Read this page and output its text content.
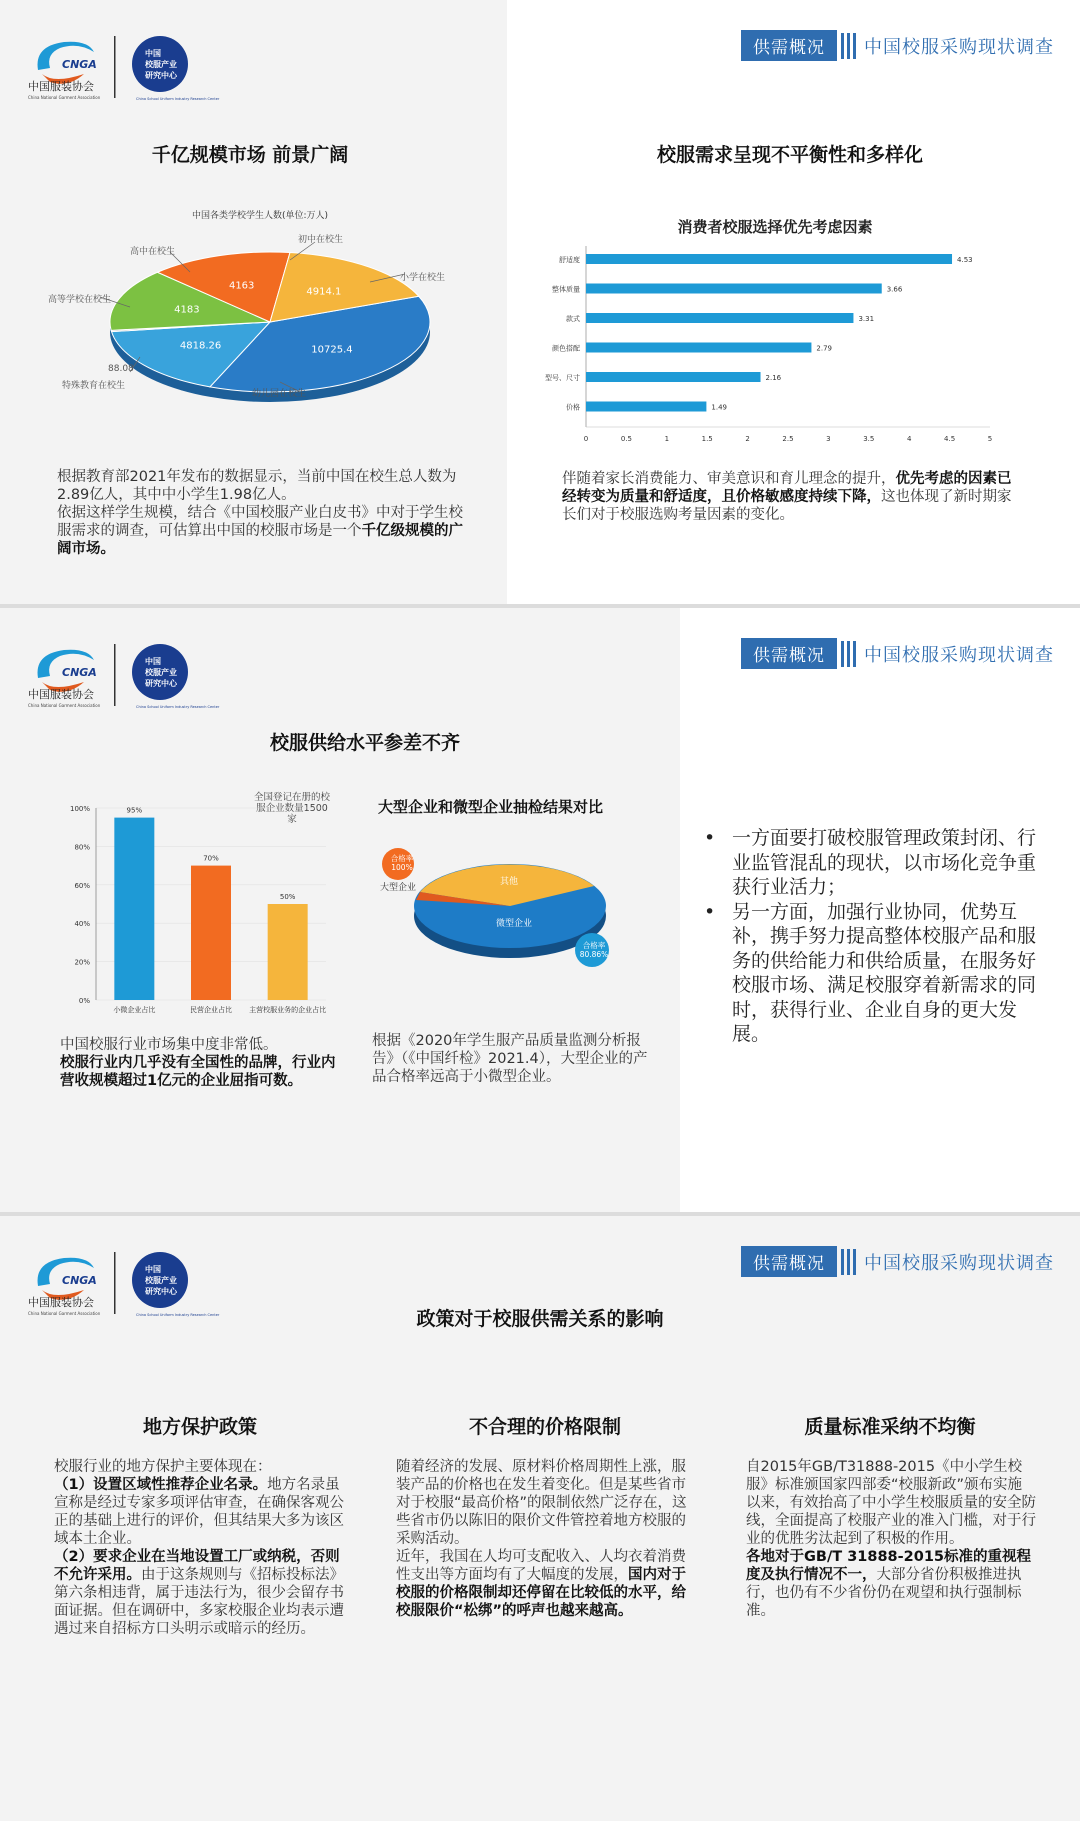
CNGA
中国服装协会
China National Garment Association
中国
校服产业
研究中心
China School Uniform Industry Research Center
供需概况	中国校服采购现状调查
千亿规模市场 前景广阔
中国各类学校学生人数(单位:万人)
10725.4
4818.26
4183
4163
4914.1
小学在校生
幼儿园在校生
特殊教育在校生
88.08
高等学校在校生
高中在校生
初中在校生
根据教育部2021年发布的数据显示，当前中国在校生总人数为2.89亿人，其中中小学生1.98亿人。
依据这样学生规模，结合《中国校服产业白皮书》中对于学生校服需求的调查，可估算出中国的校服市场是一个千亿级规模的广阔市场。
校服需求呈现不平衡性和多样化
消费者校服选择优先考虑因素
舒适度	4.53
整体质量	3.66
款式	3.31
颜色搭配	2.79
型号、尺寸	2.16
价格	1.49
0	0.5	1	1.5	2	2.5	3	3.5	4	4.5	5
伴随着家长消费能力、审美意识和育儿理念的提升，优先考虑的因素已经转变为质量和舒适度，且价格敏感度持续下降，这也体现了新时期家长们对于校服选购考量因素的变化。
CNGA
中国服装协会
China National Garment Association
中国
校服产业
研究中心
China School Uniform Industry Research Center
供需概况	中国校服采购现状调查
校服供给水平参差不齐
全国登记在册的校服企业数量1500家
0%
20%
40%
60%
80%
100%	95%
小微企业占比
70%
民营企业占比
50%
主营校服业务的企业占比
中国校服行业市场集中度非常低。
校服行业内几乎没有全国性的品牌，行业内营收规模超过1亿元的企业屈指可数。
大型企业和微型企业抽检结果对比
合格率
100%
合格率
80.86%
大型企业
其他
微型企业
根据《2020年学生服产品质量监测分析报告》（《中国纤检》2021.4），大型企业的产品合格率远高于小微型企业。
• 一方面要打破校服管理政策封闭、行业监管混乱的现状，以市场化竞争重获行业活力；
• 另一方面，加强行业协同，优势互补，携手努力提高整体校服产品和服务的供给能力和供给质量，在服务好校服市场、满足校服穿着新需求的同时，获得行业、企业自身的更大发展。
CNGA
中国服装协会
China National Garment Association
中国
校服产业
研究中心
China School Uniform Industry Research Center
供需概况	中国校服采购现状调查
政策对于校服供需关系的影响
地方保护政策
校服行业的地方保护主要体现在：
（1）设置区域性推荐企业名录。地方名录虽宣称是经过专家多项评估审查，在确保客观公正的基础上进行的评价，但其结果大多为该区域本土企业。
（2）要求企业在当地设置工厂或纳税，否则不允许采用。由于这条规则与《招标投标法》第六条相违背，属于违法行为，很少会留存书面证据。但在调研中，多家校服企业均表示遭遇过来自招标方口头明示或暗示的经历。
不合理的价格限制
随着经济的发展、原材料价格周期性上涨，服装产品的价格也在发生着变化。但是某些省市对于校服“最高价格”的限制依然广泛存在，这些省市仍以陈旧的限价文件管控着地方校服的采购活动。
近年，我国在人均可支配收入、人均衣着消费性支出等方面均有了大幅度的发展，国内对于校服的价格限制却还停留在比较低的水平，给校服限价“松绑”的呼声也越来越高。
质量标准采纳不均衡
自2015年GB/T31888-2015《中小学生校服》标准颁国家四部委“校服新政”颁布实施以来，有效抬高了中小学生校服质量的安全防线，全面提高了校服产业的准入门槛，对于行业的优胜劣汰起到了积极的作用。
各地对于GB/T 31888-2015标准的重视程度及执行情况不一，大部分省份积极推进执行，也仍有不少省份仍在观望和执行强制标准。
